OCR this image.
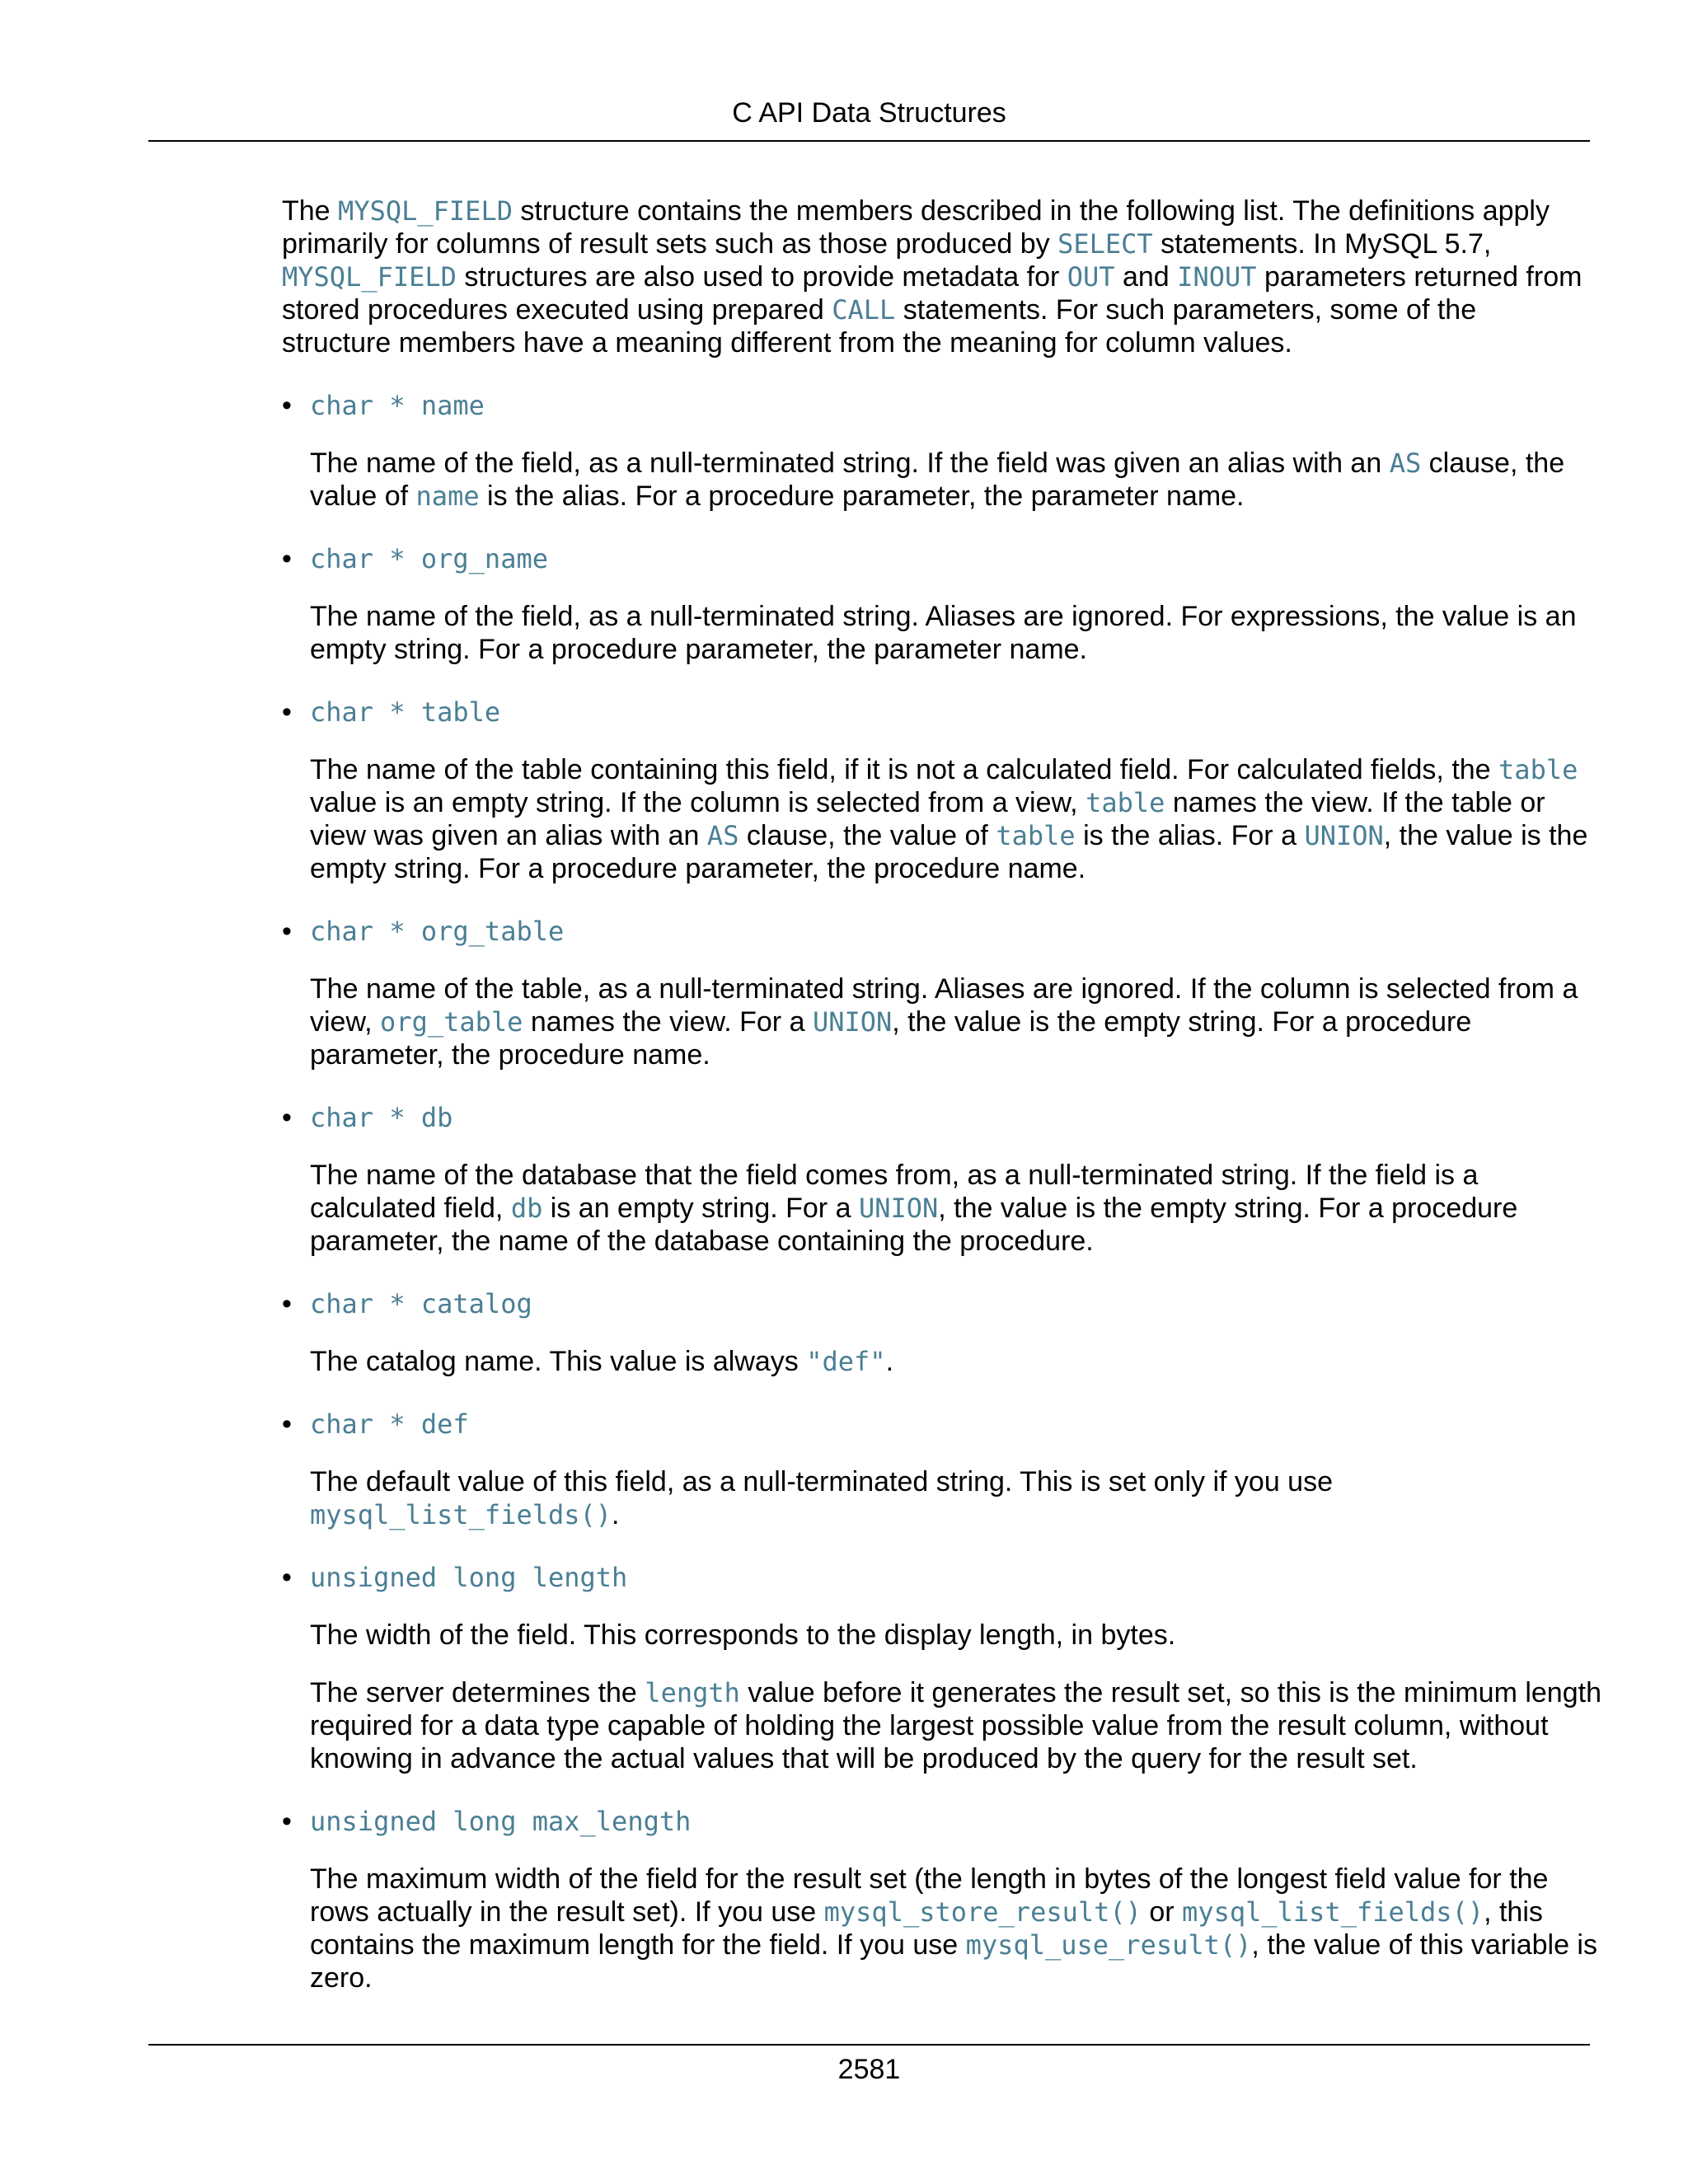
C API Data Structures

The MYSQL_FIELD structure contains the members described in the following list. The definitions apply primarily for columns of result sets such as those produced by SELECT statements. In MySQL 5.7, MYSQL_FIELD structures are also used to provide metadata for OUT and INOUT parameters returned from stored procedures executed using prepared CALL statements. For such parameters, some of the structure members have a meaning different from the meaning for column values.

• char * name

The name of the field, as a null-terminated string. If the field was given an alias with an AS clause, the value of name is the alias. For a procedure parameter, the parameter name.

• char * org_name

The name of the field, as a null-terminated string. Aliases are ignored. For expressions, the value is an empty string. For a procedure parameter, the parameter name.

• char * table

The name of the table containing this field, if it is not a calculated field. For calculated fields, the table value is an empty string. If the column is selected from a view, table names the view. If the table or view was given an alias with an AS clause, the value of table is the alias. For a UNION, the value is the empty string. For a procedure parameter, the procedure name.

• char * org_table

The name of the table, as a null-terminated string. Aliases are ignored. If the column is selected from a view, org_table names the view. For a UNION, the value is the empty string. For a procedure parameter, the procedure name.

• char * db

The name of the database that the field comes from, as a null-terminated string. If the field is a calculated field, db is an empty string. For a UNION, the value is the empty string. For a procedure parameter, the name of the database containing the procedure.

• char * catalog

The catalog name. This value is always "def".

• char * def

The default value of this field, as a null-terminated string. This is set only if you use mysql_list_fields().

• unsigned long length

The width of the field. This corresponds to the display length, in bytes.

The server determines the length value before it generates the result set, so this is the minimum length required for a data type capable of holding the largest possible value from the result column, without knowing in advance the actual values that will be produced by the query for the result set.

• unsigned long max_length

The maximum width of the field for the result set (the length in bytes of the longest field value for the rows actually in the result set). If you use mysql_store_result() or mysql_list_fields(), this contains the maximum length for the field. If you use mysql_use_result(), the value of this variable is zero.

2581
